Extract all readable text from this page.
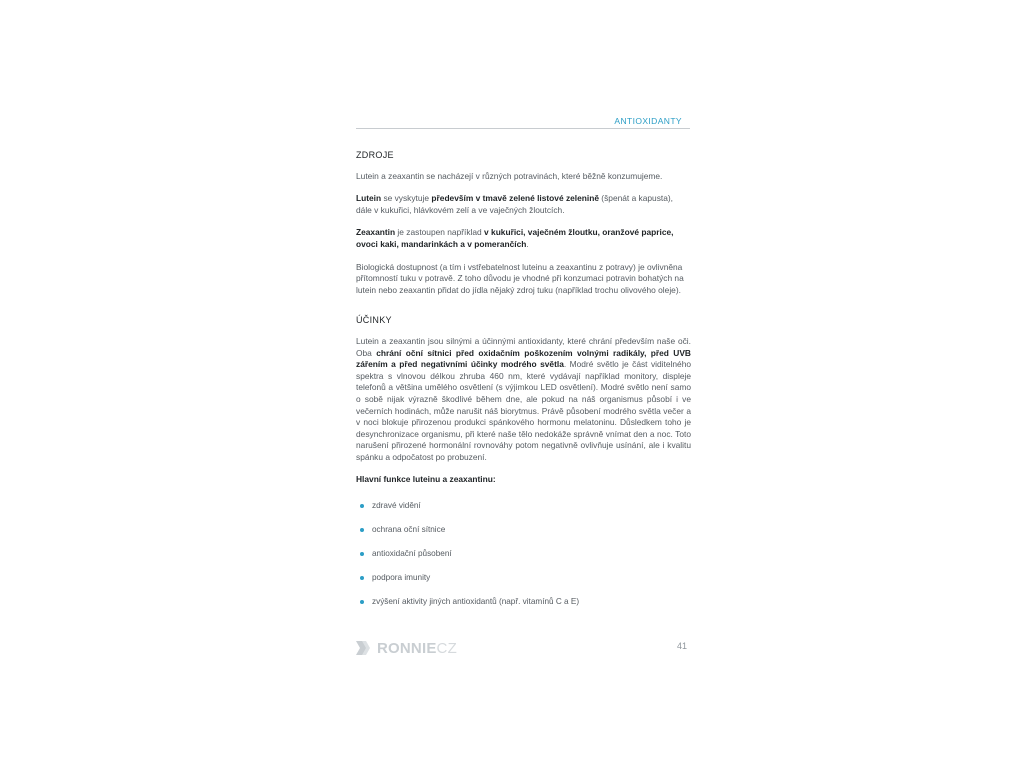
ANTIOXIDANTY
ZDROJE

Lutein a zeaxantin se nacházejí v různých potravinách, které běžně konzumujeme.

Lutein se vyskytuje především v tmavě zelené listové zelenině (špenát a kapusta), dále v kukuřici, hlávkovém zelí a ve vaječných žloutcích.

Zeaxantin je zastoupen například v kukuřici, vaječném žloutku, oranžové paprice, ovoci kaki, mandarinkách a v pomerančích.

Biologická dostupnost (a tím i vstřebatelnost luteinu a zeaxantinu z potravy) je ovlivněna přítomností tuku v potravě. Z toho důvodu je vhodné při konzumaci potravin bohatých na lutein nebo zeaxantin přidat do jídla nějaký zdroj tuku (například trochu olivového oleje).

ÚČINKY

Lutein a zeaxantin jsou silnými a účinnými antioxidanty, které chrání především naše oči. Oba chrání oční sítnici před oxidačním poškozením volnými radikály, před UVB zářením a před negativními účinky modrého světla. Modré světlo je část viditelného spektra s vlnovou délkou zhruba 460 nm, které vydávají například monitory, displeje telefonů a většina umělého osvětlení (s výjimkou LED osvětlení). Modré světlo není samo o sobě nijak výrazně škodlivé během dne, ale pokud na náš organismus působí i ve večerních hodinách, může narušit náš biorytmus. Právě působení modrého světla večer a v noci blokuje přirozenou produkci spánkového hormonu melatoninu. Důsledkem toho je desynchronizace organismu, při které naše tělo nedokáže správně vnímat den a noc. Toto narušení přirozené hormonální rovnováhy potom negativně ovlivňuje usínání, ale i kvalitu spánku a odpočatost po probuzení.

Hlavní funkce luteinu a zeaxantinu:
zdravé vidění
ochrana oční sítnice
antioxidační působení
podpora imunity
zvýšení aktivity jiných antioxidantů (např. vitamínů C a E)
RONNIECZ	41
